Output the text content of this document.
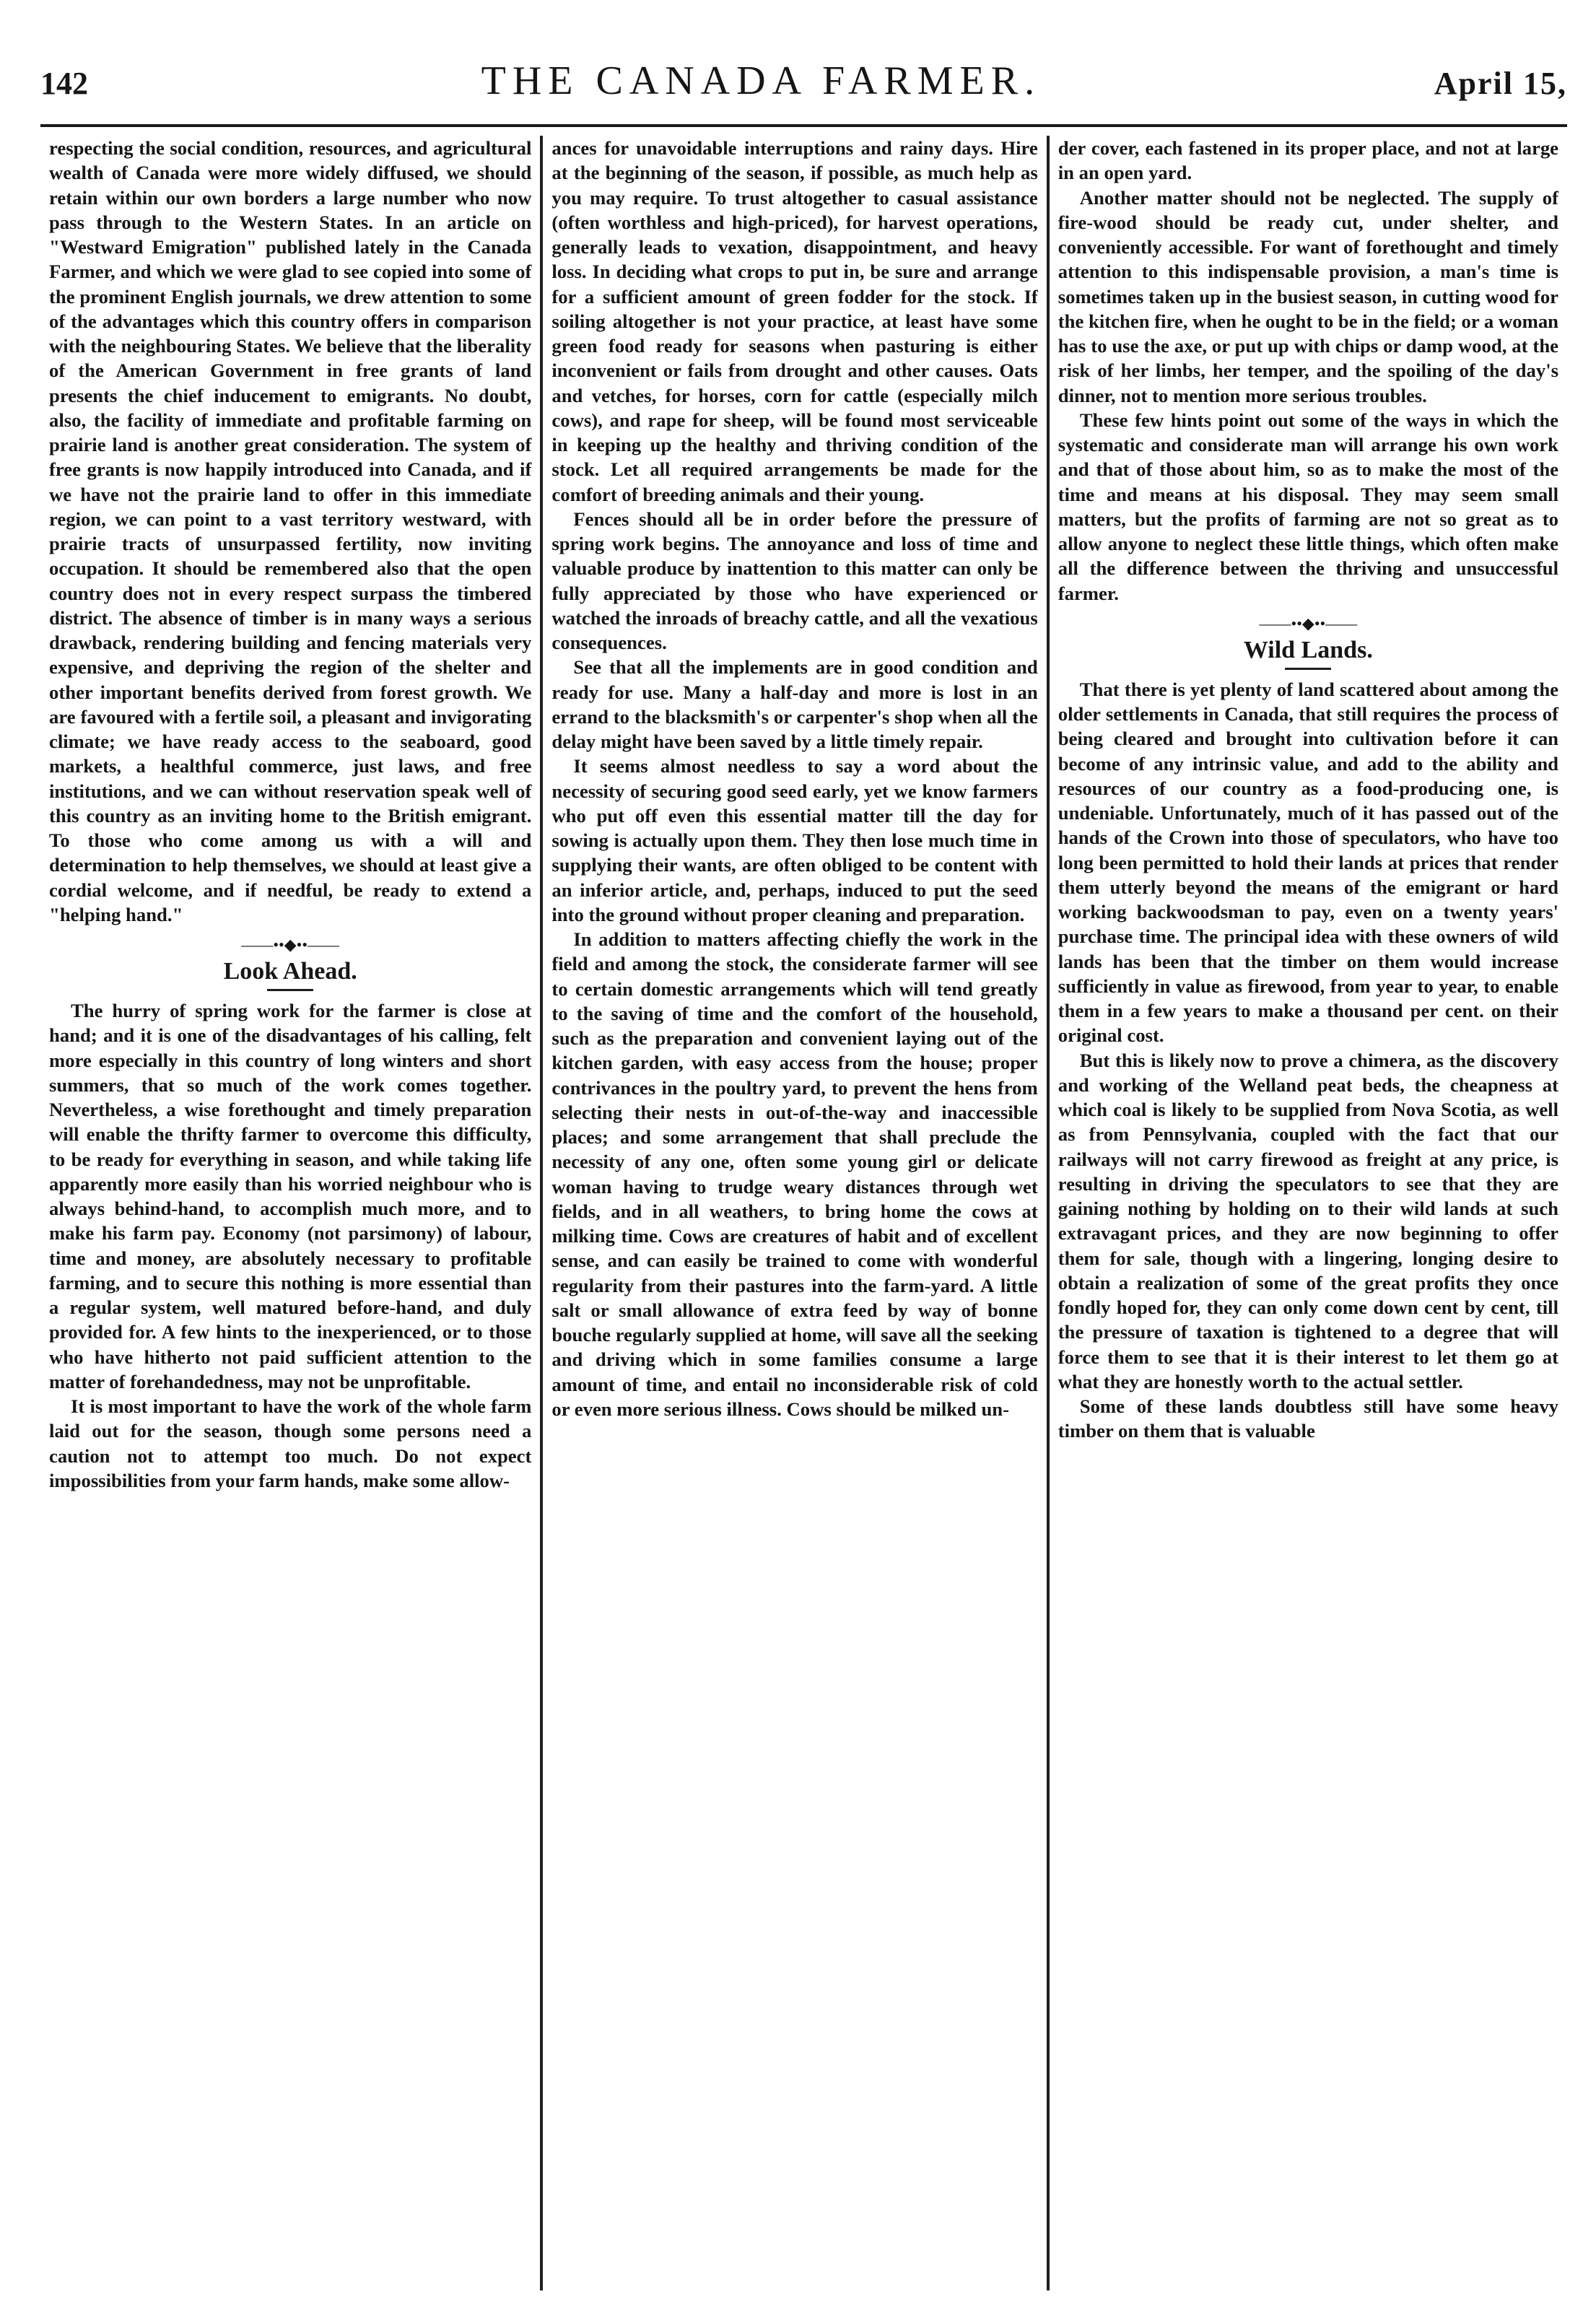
142	THE CANADA FARMER.	April 15,

respecting the social condition, resources, and agricultural wealth of Canada were more widely diffused, we should retain within our own borders a large number who now pass through to the Western States. In an article on "Westward Emigration" published lately in the Canada Farmer, and which we were glad to see copied into some of the prominent English journals, we drew attention to some of the advantages which this country offers in comparison with the neighbouring States. We believe that the liberality of the American Government in free grants of land presents the chief inducement to emigrants. No doubt, also, the facility of immediate and profitable farming on prairie land is another great consideration. The system of free grants is now happily introduced into Canada, and if we have not the prairie land to offer in this immediate region, we can point to a vast territory westward, with prairie tracts of unsurpassed fertility, now inviting occupation. It should be remembered also that the open country does not in every respect surpass the timbered district. The absence of timber is in many ways a serious drawback, rendering building and fencing materials very expensive, and depriving the region of the shelter and other important benefits derived from forest growth. We are favoured with a fertile soil, a pleasant and invigorating climate; we have ready access to the seaboard, good markets, a healthful commerce, just laws, and free institutions, and we can without reservation speak well of this country as an inviting home to the British emigrant. To those who come among us with a will and determination to help themselves, we should at least give a cordial welcome, and if needful, be ready to extend a "helping hand."

——••◆••——
Look Ahead.

The hurry of spring work for the farmer is close at hand; and it is one of the disadvantages of his calling, felt more especially in this country of long winters and short summers, that so much of the work comes together. Nevertheless, a wise forethought and timely preparation will enable the thrifty farmer to overcome this difficulty, to be ready for everything in season, and while taking life apparently more easily than his worried neighbour who is always behind-hand, to accomplish much more, and to make his farm pay. Economy (not parsimony) of labour, time and money, are absolutely necessary to profitable farming, and to secure this nothing is more essential than a regular system, well matured before-hand, and duly provided for. A few hints to the inexperienced, or to those who have hitherto not paid sufficient attention to the matter of forehandedness, may not be unprofitable.

It is most important to have the work of the whole farm laid out for the season, though some persons need a caution not to attempt too much. Do not expect impossibilities from your farm hands, make some allow-

ances for unavoidable interruptions and rainy days. Hire at the beginning of the season, if possible, as much help as you may require. To trust altogether to casual assistance (often worthless and high-priced), for harvest operations, generally leads to vexation, disappointment, and heavy loss. In deciding what crops to put in, be sure and arrange for a sufficient amount of green fodder for the stock. If soiling altogether is not your practice, at least have some green food ready for seasons when pasturing is either inconvenient or fails from drought and other causes. Oats and vetches, for horses, corn for cattle (especially milch cows), and rape for sheep, will be found most serviceable in keeping up the healthy and thriving condition of the stock. Let all required arrangements be made for the comfort of breeding animals and their young.

Fences should all be in order before the pressure of spring work begins. The annoyance and loss of time and valuable produce by inattention to this matter can only be fully appreciated by those who have experienced or watched the inroads of breachy cattle, and all the vexatious consequences.

See that all the implements are in good condition and ready for use. Many a half-day and more is lost in an errand to the blacksmith's or carpenter's shop when all the delay might have been saved by a little timely repair.

It seems almost needless to say a word about the necessity of securing good seed early, yet we know farmers who put off even this essential matter till the day for sowing is actually upon them. They then lose much time in supplying their wants, are often obliged to be content with an inferior article, and, perhaps, induced to put the seed into the ground without proper cleaning and preparation.

In addition to matters affecting chiefly the work in the field and among the stock, the considerate farmer will see to certain domestic arrangements which will tend greatly to the saving of time and the comfort of the household, such as the preparation and convenient laying out of the kitchen garden, with easy access from the house; proper contrivances in the poultry yard, to prevent the hens from selecting their nests in out-of-the-way and inaccessible places; and some arrangement that shall preclude the necessity of any one, often some young girl or delicate woman having to trudge weary distances through wet fields, and in all weathers, to bring home the cows at milking time. Cows are creatures of habit and of excellent sense, and can easily be trained to come with wonderful regularity from their pastures into the farm-yard. A little salt or small allowance of extra feed by way of bonne bouche regularly supplied at home, will save all the seeking and driving which in some families consume a large amount of time, and entail no inconsiderable risk of cold or even more serious illness. Cows should be milked un-

der cover, each fastened in its proper place, and not at large in an open yard.

Another matter should not be neglected. The supply of fire-wood should be ready cut, under shelter, and conveniently accessible. For want of forethought and timely attention to this indispensable provision, a man's time is sometimes taken up in the busiest season, in cutting wood for the kitchen fire, when he ought to be in the field; or a woman has to use the axe, or put up with chips or damp wood, at the risk of her limbs, her temper, and the spoiling of the day's dinner, not to mention more serious troubles.

These few hints point out some of the ways in which the systematic and considerate man will arrange his own work and that of those about him, so as to make the most of the time and means at his disposal. They may seem small matters, but the profits of farming are not so great as to allow anyone to neglect these little things, which often make all the difference between the thriving and unsuccessful farmer.

——••◆••——
Wild Lands.

That there is yet plenty of land scattered about among the older settlements in Canada, that still requires the process of being cleared and brought into cultivation before it can become of any intrinsic value, and add to the ability and resources of our country as a food-producing one, is undeniable. Unfortunately, much of it has passed out of the hands of the Crown into those of speculators, who have too long been permitted to hold their lands at prices that render them utterly beyond the means of the emigrant or hard working backwoodsman to pay, even on a twenty years' purchase time. The principal idea with these owners of wild lands has been that the timber on them would increase sufficiently in value as firewood, from year to year, to enable them in a few years to make a thousand per cent. on their original cost.

But this is likely now to prove a chimera, as the discovery and working of the Welland peat beds, the cheapness at which coal is likely to be supplied from Nova Scotia, as well as from Pennsylvania, coupled with the fact that our railways will not carry firewood as freight at any price, is resulting in driving the speculators to see that they are gaining nothing by holding on to their wild lands at such extravagant prices, and they are now beginning to offer them for sale, though with a lingering, longing desire to obtain a realization of some of the great profits they once fondly hoped for, they can only come down cent by cent, till the pressure of taxation is tightened to a degree that will force them to see that it is their interest to let them go at what they are honestly worth to the actual settler.

Some of these lands doubtless still have some heavy timber on them that is valuable
